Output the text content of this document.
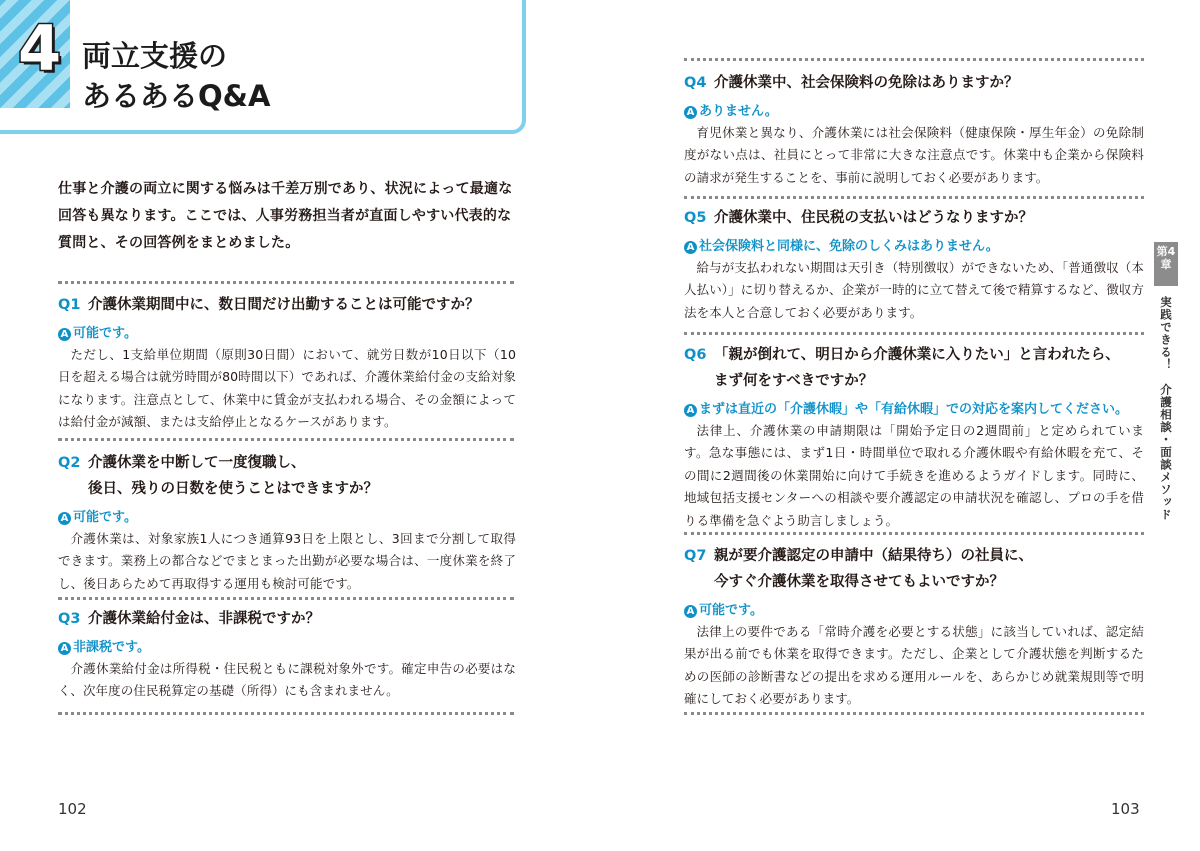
4 両立支援の
あるあるQ&A
仕事と介護の両立に関する悩みは千差万別であり、状況によって最適な回答も異なります。ここでは、人事労務担当者が直面しやすい代表的な質問と、その回答例をまとめました。
Q1 介護休業期間中に、数日間だけ出勤することは可能ですか？
A 可能です。
ただし、1支給単位期間（原則30日間）において、就労日数が10日以下（10日を超える場合は就労時間が80時間以下）であれば、介護休業給付金の支給対象になります。注意点として、休業中に賃金が支払われる場合、その金額によっては給付金が減額、または支給停止となるケースがあります。
Q2 介護休業を中断して一度復職し、
後日、残りの日数を使うことはできますか？
A 可能です。
介護休業は、対象家族1人につき通算93日を上限とし、3回まで分割して取得できます。業務上の都合などでまとまった出勤が必要な場合は、一度休業を終了し、後日あらためて再取得する運用も検討可能です。
Q3 介護休業給付金は、非課税ですか？
A 非課税です。
介護休業給付金は所得税・住民税ともに課税対象外です。確定申告の必要はなく、次年度の住民税算定の基礎（所得）にも含まれません。
102
Q4 介護休業中、社会保険料の免除はありますか？
A ありません。
育児休業と異なり、介護休業には社会保険料（健康保険・厚生年金）の免除制度がない点は、社員にとって非常に大きな注意点です。休業中も企業から保険料の請求が発生することを、事前に説明しておく必要があります。
Q5 介護休業中、住民税の支払いはどうなりますか？
A 社会保険料と同様に、免除のしくみはありません。
給与が支払われない期間は天引き（特別徴収）ができないため、「普通徴収（本人払い）」に切り替えるか、企業が一時的に立て替えて後で精算するなど、徴収方法を本人と合意しておく必要があります。
Q6 「親が倒れて、明日から介護休業に入りたい」と言われたら、
まず何をすべきですか？
A まずは直近の「介護休暇」や「有給休暇」での対応を案内してください。
法律上、介護休業の申請期限は「開始予定日の2週間前」と定められています。急な事態には、まず1日・時間単位で取れる介護休暇や有給休暇を充て、その間に2週間後の休業開始に向けて手続きを進めるようガイドします。同時に、地域包括支援センターへの相談や要介護認定の申請状況を確認し、プロの手を借りる準備を急ぐよう助言しましょう。
Q7 親が要介護認定の申請中（結果待ち）の社員に、
今すぐ介護休業を取得させてもよいですか？
A 可能です。
法律上の要件である「常時介護を必要とする状態」に該当していれば、認定結果が出る前でも休業を取得できます。ただし、企業として介護状態を判断するための医師の診断書などの提出を求める運用ルールを、あらかじめ就業規則等で明確にしておく必要があります。
第4章
実践できる！　介護相談・面談メソッド
103
